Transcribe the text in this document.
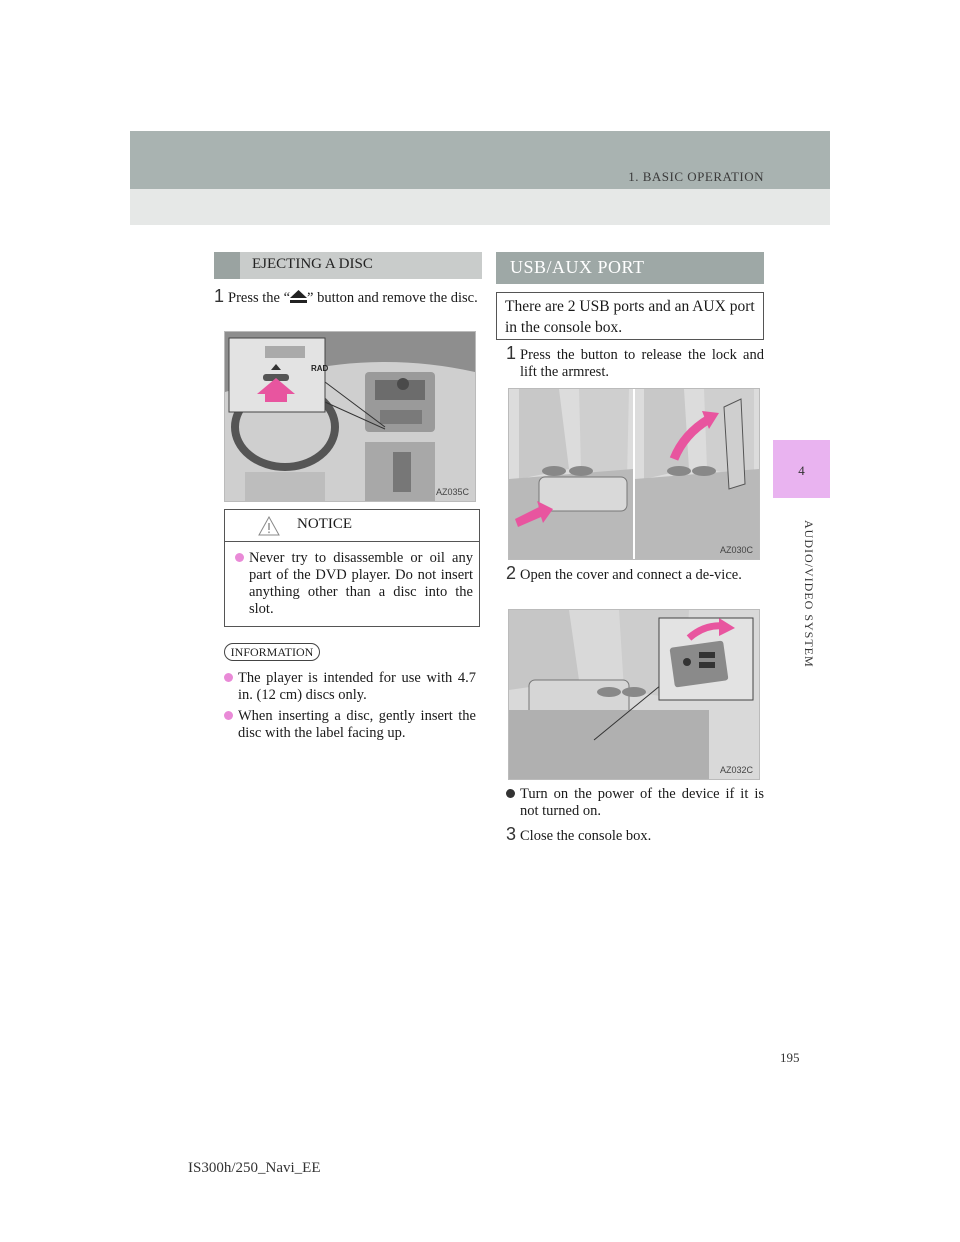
1. BASIC OPERATION
4
AUDIO/VIDEO SYSTEM
EJECTING A DISC
1 Press the “ ” button and remove the disc.
RAD
AZ035C
NOTICE
Never try to disassemble or oil any part of the DVD player. Do not insert anything other than a disc into the slot.
INFORMATION
The player is intended for use with 4.7 in. (12 cm) discs only.
When inserting a disc, gently insert the disc with the label facing up.
USB/AUX PORT
There are 2 USB ports and an AUX port in the console box.
1 Press the button to release the lock and lift the armrest.
AZ030C
2 Open the cover and connect a de-vice.
AZ032C
Turn on the power of the device if it is not turned on.
3 Close the console box.
195
IS300h/250_Navi_EE
